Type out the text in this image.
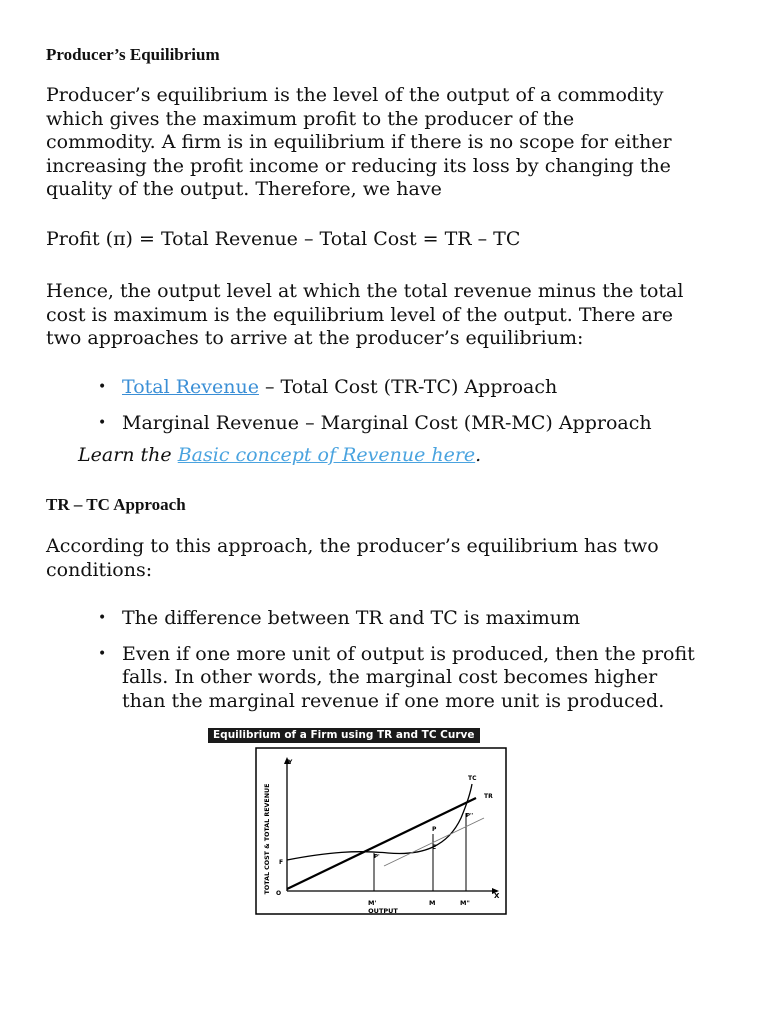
Producer’s Equilibrium
Producer’s equilibrium is the level of the output of a commodity
which gives the maximum profit to the producer of the
commodity. A firm is in equilibrium if there is no scope for either
increasing the profit income or reducing its loss by changing the
quality of the output. Therefore, we have
Profit (π) = Total Revenue – Total Cost = TR – TC
Hence, the output level at which the total revenue minus the total
cost is maximum is the equilibrium level of the output. There are
two approaches to arrive at the producer’s equilibrium:
• Total Revenue – Total Cost (TR-TC) Approach
• Marginal Revenue – Marginal Cost (MR-MC) Approach
Learn the Basic concept of Revenue here.
TR – TC Approach
According to this approach, the producer’s equilibrium has two
conditions:
• The difference between TR and TC is maximum
• Even if one more unit of output is produced, then the profit
falls. In other words, the marginal cost becomes higher
than the marginal revenue if one more unit is produced.
Equilibrium of a Firm using TR and TC Curve
Y
X
O
F
TC
TR
P
E
P'
P''
M'	M	M"
OUTPUT
TOTAL COST & TOTAL REVENUE
